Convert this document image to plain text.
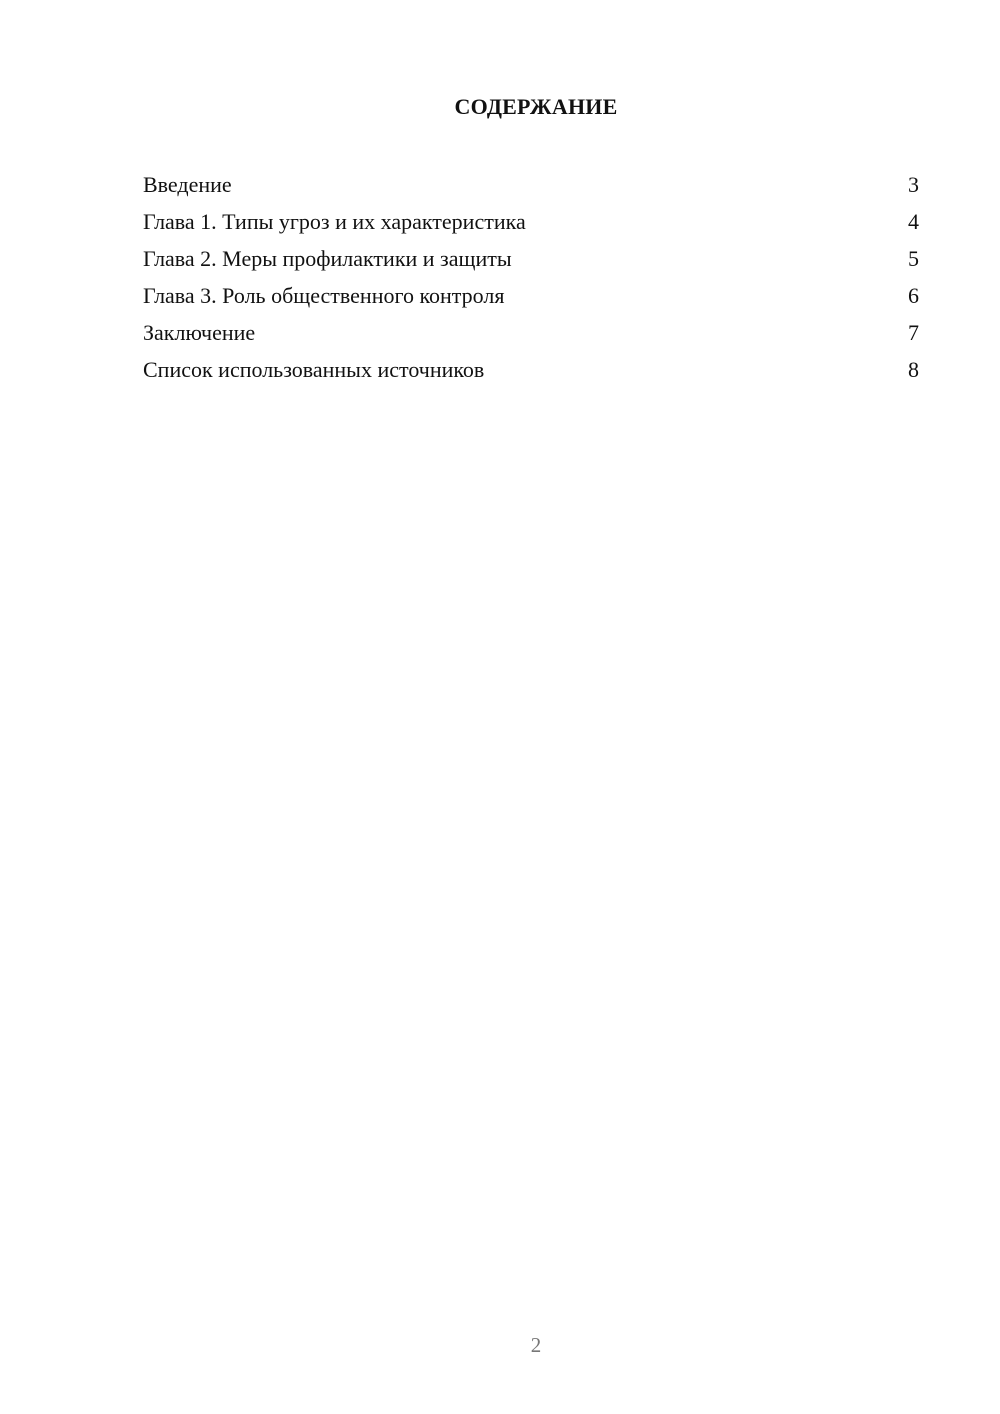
СОДЕРЖАНИЕ
Введение	3
Глава 1. Типы угроз и их характеристика	4
Глава 2. Меры профилактики и защиты	5
Глава 3. Роль общественного контроля	6
Заключение	7
Список использованных источников	8
2
